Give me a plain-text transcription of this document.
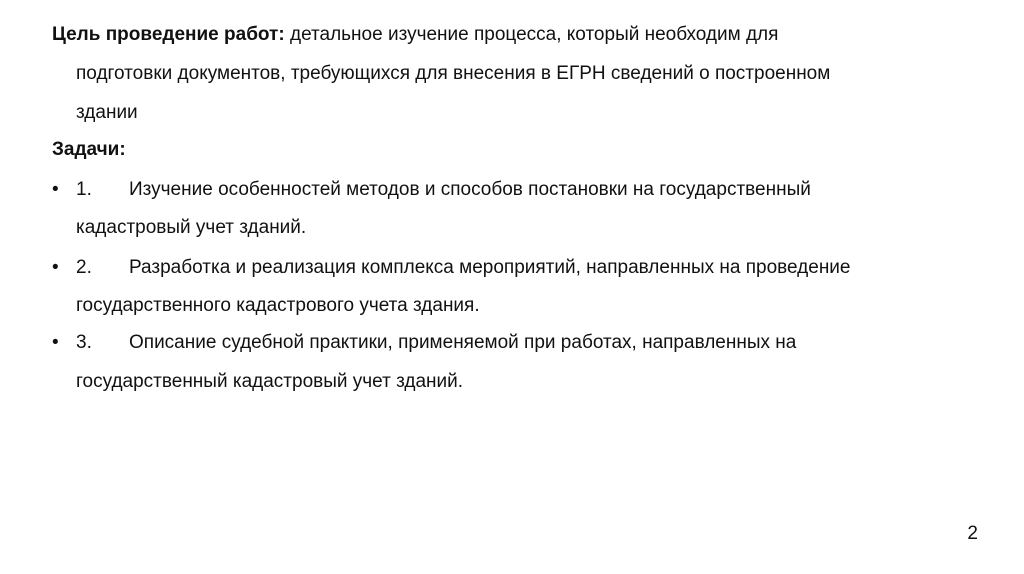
Цель проведение работ: детальное изучение процесса, который необходим для
подготовки документов, требующихся для внесения в ЕГРН сведений о построенном
здании
Задачи:
• 1. Изучение особенностей методов и способов постановки на государственный
кадастровый учет зданий.
• 2. Разработка и реализация комплекса мероприятий, направленных на проведение
государственного кадастрового учета здания.
• 3. Описание судебной практики, применяемой при работах, направленных на
государственный кадастровый учет зданий.
2
